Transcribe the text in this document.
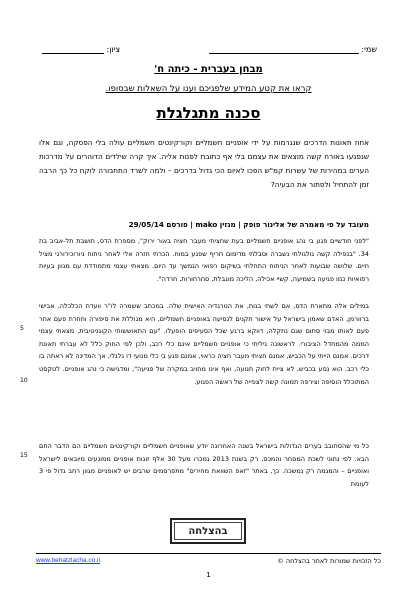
שמי:
ציון:
מבחן בעברית - כיתה ח'
קראו את קטע המידע שלפניכם וענו על השאלות שבסופו.
סכנה מתגלגלת
אחוז תאונות הדרכים שנגרמות על ידי אופניים חשמליים וקורקינטים חשמליים עולה בלי הפסקה, וגם אלו שנפגעו באורח קשה מוצאים את עצמם בלי אף כתובת לפנות אליה. איך קרה שילדים הדוהרים על מדרכות הערים במהירות של עשרות קמ"ש הפכו לאיום הכי גדול בדרכים – ולמה לשרד התחבורה לוקח כל כך הרבה זמן להתחיל ולפתור את הבעיה?
מעובד על פי מאמרה של אלינור פופק | מגזין mako | פורסם 29/05/14
"לפני חודשיים פגע בי נהג אופניים חשמליים בעת שחציתי מעבר חציה באור ירוק", מספרת הדס, תושבת תל-אביב בת 34. "בנפילה קשה גולגולתי נשברה וסבלתי מדימום חריף שפגע במוח. הכרתי חזרה אלי לאחר ניתוח ניורוכירורגי מציל חיים. שלושה שבועות לאחר הניתוח התחלתי בשיקום רפואי הנמשך עד היום. מצאתי עצמי מתמודדת עם מגוון בעיות רפואיות כמו פגיעה בשמיעה, קשיי אכילה, הליכה מוגבלת, סחרחורות, חרדה".
במילים אלה מתארת הדס, אם לשתי בנות, את הטרגדיה האישית שלה. במכתב ששמרה לו"ר וועדת הכלכלה, אבישי ברוורמן, האדם שאמון בישראל על אישור תקנים לנסיעה באופניים חשמליים, היא מגוללת את סיפורה וחוזרת פעם אחר פעם לאותו מבוי סתום שגם נתקלה, דווקא ברגע שכל הסעיפים הופעלו. "עם התאוששותי הקוגניטיבית, מצאתי עצמי הממה מהמחדל הציבורי. לראשונה גיליתי כי אופניים חשמליים אינם כלי רכב, ולכן לפי החוק כלל לא עברתי תאונת דרכים. אמנם הייתי על הכביש, אמנם חציתי מעבר חציה כראוי, אמנם פגע בי כלי מנועי דו גלגלי, אך המדינה לא ראתה בו כלי רכב. הוא נסע בכביש, לא ציית לחוק תנועה, ואף אינו מחויב במקרה של פגיעה", ומדגישה כי נהג אופניים. לטקסט המתוכלל הוסיפה וצירפה תמונה קשה לצפייה של ראשה הפגוע.
כל מי שהסתובב בערים הגדולות בישראל בשנה האחרונה יודע שאופניים חשמליים וקורקינטים חשמליים הם הדבר החם הבא. לפי נתוני לשכת המסחר והמכס, רק בשנת 2013 נמכרו מעל 30 אלף זוגות אופניים ממונעים מיובאים לישראל ואופניים – והמגמה רק נמשכה. כך, באתר "זאפ השוואת מחירים" מתפרסמים שרבים יש לאופניים מגוון רחב גדול פי 3 לעומת
5
10
15
בהצלחה
כל הזכויות שמורות לאתר בהצלחה ©
www.behatzlacha.co.il
1
